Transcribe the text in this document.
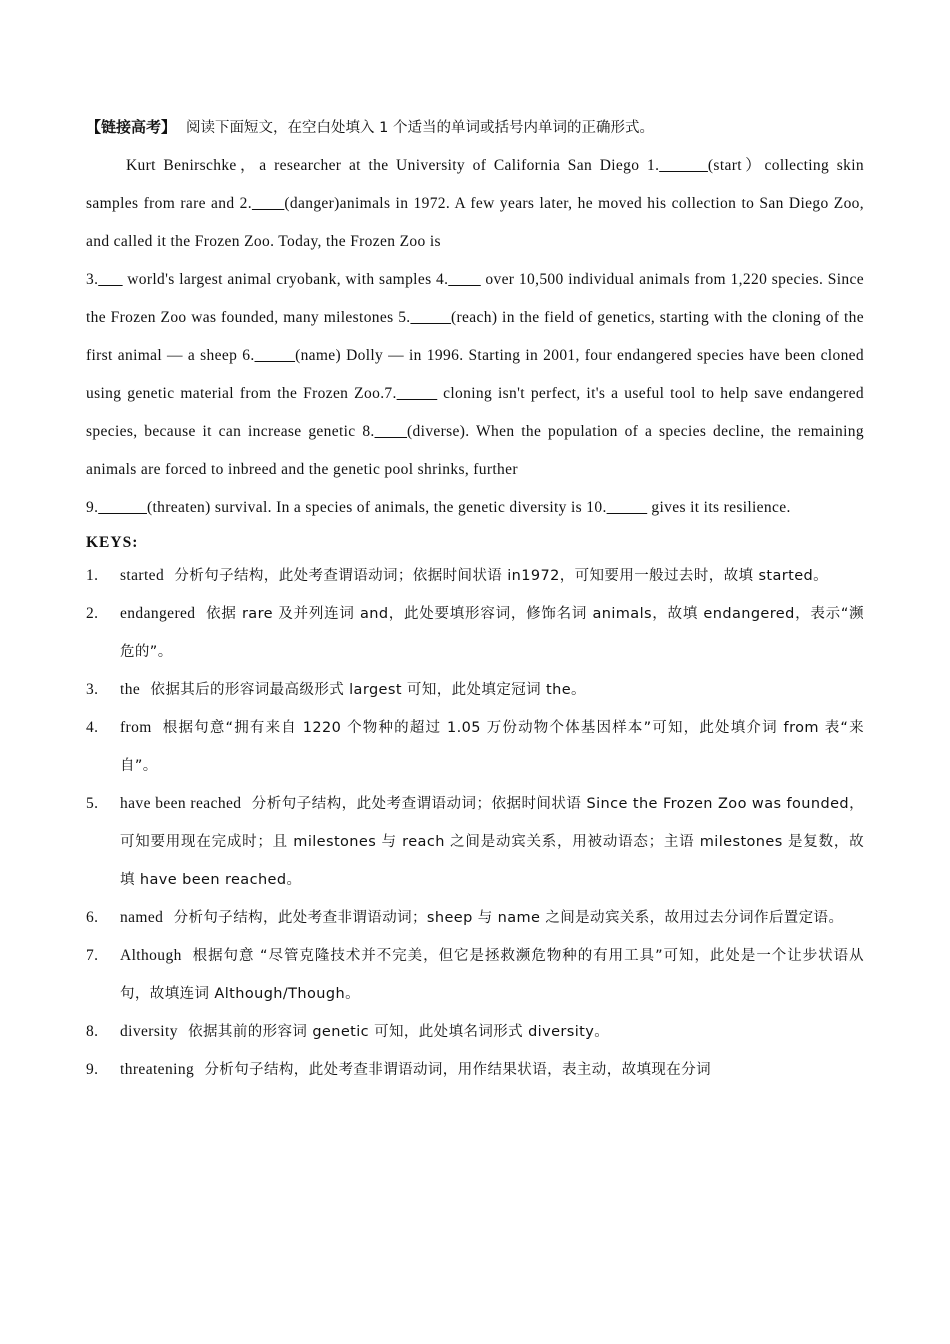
【链接高考】 阅读下面短文，在空白处填入 1 个适当的单词或括号内单词的正确形式。
Kurt Benirschke，a researcher at the University of California San Diego 1.______(start）collecting skin samples from rare and 2.____(danger)animals in 1972. A few years later, he moved his collection to San Diego Zoo, and called it the Frozen Zoo. Today, the Frozen Zoo is
3.___ world's largest animal cryobank, with samples 4.____ over 10,500 individual animals from 1,220 species. Since the Frozen Zoo was founded, many milestones 5._____(reach) in the field of genetics, starting with the cloning of the first animal — a sheep 6._____(name) Dolly — in 1996. Starting in 2001, four endangered species have been cloned using genetic material from the Frozen Zoo.7._____ cloning isn't perfect, it's a useful tool to help save endangered species, because it can increase genetic 8.____(diverse). When the population of a species decline, the remaining animals are forced to inbreed and the genetic pool shrinks, further
9.______(threaten) survival. In a species of animals, the genetic diversity is 10._____ gives it its resilience.
KEYS:
1. started 分析句子结构，此处考查谓语动词；依据时间状语 in1972，可知要用一般过去时，故填 started。
2. endangered 依据 rare 及并列连词 and，此处要填形容词，修饰名词 animals，故填 endangered，表示“濒危的”。
3. the 依据其后的形容词最高级形式 largest 可知，此处填定冠词 the。
4. from 根据句意“拥有来自 1220 个物种的超过 1.05 万份动物个体基因样本”可知，此处填介词 from 表“来自”。
5. have been reached 分析句子结构，此处考查谓语动词；依据时间状语 Since the Frozen Zoo was founded，可知要用现在完成时；且 milestones 与 reach 之间是动宾关系，用被动语态；主语 milestones 是复数，故填 have been reached。
6. named 分析句子结构，此处考查非谓语动词；sheep 与 name 之间是动宾关系，故用过去分词作后置定语。
7. Although 根据句意 “尽管克隆技术并不完美，但它是拯救濒危物种的有用工具”可知，此处是一个让步状语从句，故填连词 Although/Though。
8. diversity 依据其前的形容词 genetic 可知，此处填名词形式 diversity。
9. threatening 分析句子结构，此处考查非谓语动词，用作结果状语，表主动，故填现在分词
